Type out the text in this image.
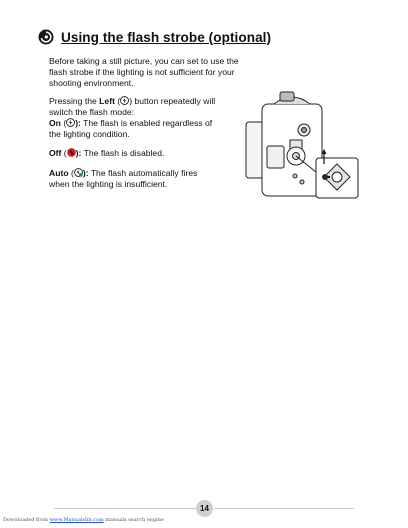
Using the flash strobe (optional)
Before taking a still picture, you can set to use the flash strobe if the lighting is not sufficient for your shooting environment.
Pressing the Left ( ) button repeatedly will switch the flash mode:
On ( ): The flash is enabled regardless of the lighting condition.
Off ( ): The flash is disabled.
Auto ( ): The flash automatically fires when the lighting is insufficient.
14
Downloaded from www.Manualslib.com manuals search engine
